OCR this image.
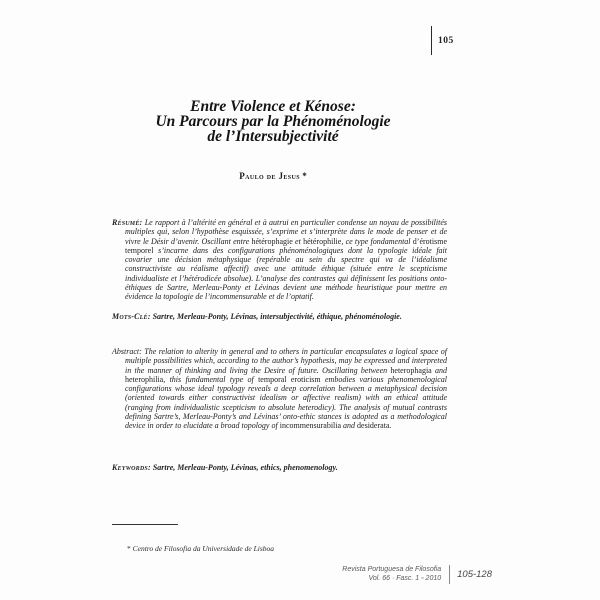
105
Entre Violence et Kénose:
Un Parcours par la Phénoménologie
de l’Intersubjectivité
Paulo de Jesus *

Résumé: Le rapport à l’altérité en général et à autrui en particulier condense un noyau de possibilités multiples qui, selon l’hypothèse esquissée, s’exprime et s’interprète dans le mode de penser et de vivre le Désir d’avenir. Oscillant entre hétérophagie et hétérophilie, ce type fondamental d’érotisme temporel s’incarne dans des configurations phénoménologiques dont la typologie idéale fait covarier une décision métaphysique (repérable au sein du spectre qui va de l’idéalisme constructiviste au réalisme affectif) avec une attitude éthique (située entre le scepticisme individualiste et l’hétérodicée absolue). L’analyse des contrastes qui définissent les positions onto-éthiques de Sartre, Merleau-Ponty et Lévinas devient une méthode heuristique pour mettre en évidence la topologie de l’incommensurable et de l’optatif.

Mots-Clé: Sartre, Merleau-Ponty, Lévinas, intersubjectivité, éthique, phénoménologie.

Abstract: The relation to alterity in general and to others in particular encapsulates a logical space of multiple possibilities which, according to the author’s hypothesis, may be expressed and interpreted in the manner of thinking and living the Desire of future. Oscillating between heterophagia and heterophilia, this fundamental type of temporal eroticism embodies various phenomenological configurations whose ideal typology reveals a deep correlation between a metaphysical decision (oriented towards either constructivist idealism or affective realism) with an ethical attitude (ranging from individualistic scepticism to absolute heterodicy). The analysis of mutual contrasts defining Sartre’s, Merleau-Ponty’s and Lévinas’ onto-ethic stances is adopted as a methodological device in order to elucidate a broad topology of incommensurabilia and desiderata.

Keywords: Sartre, Merleau-Ponty, Lévinas, ethics, phenomenology.

* Centro de Filosofia da Universidade de Lisboa

Revista Portuguesa de Filosofia
Vol. 66 · Fasc. 1 ▫ 2010 105-128
